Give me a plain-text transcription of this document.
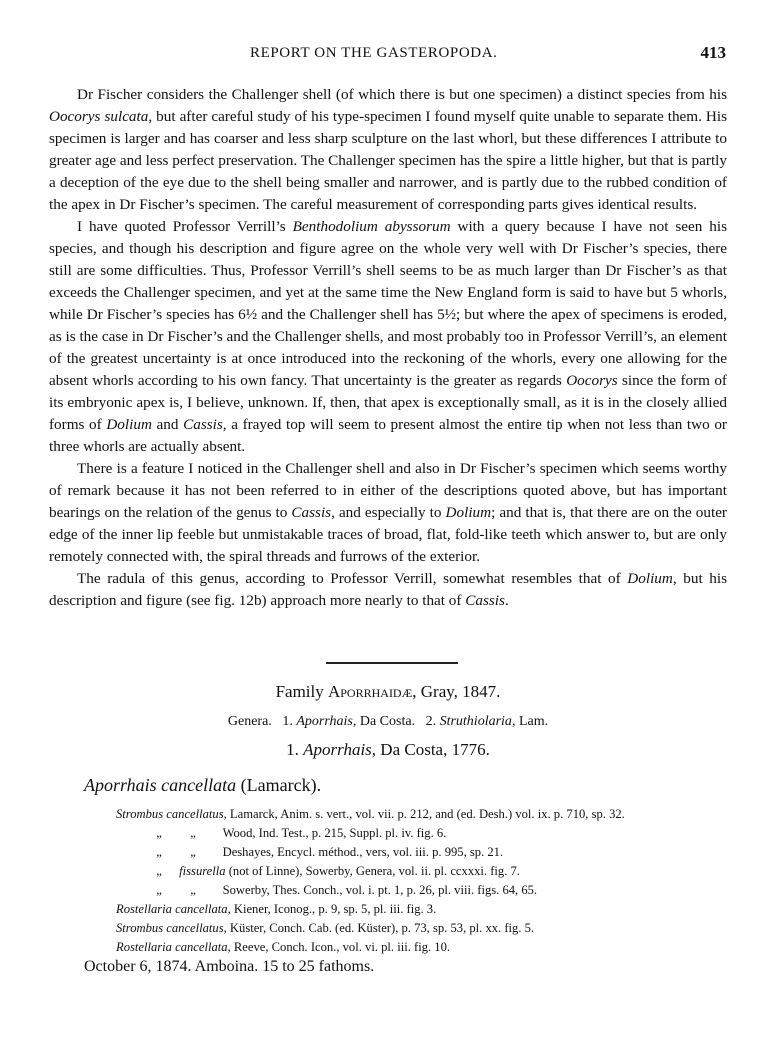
REPORT ON THE GASTEROPODA.	413

Dr Fischer considers the Challenger shell (of which there is but one specimen) a distinct species from his Oocorys sulcata, but after careful study of his type-specimen I found myself quite unable to separate them. His specimen is larger and has coarser and less sharp sculpture on the last whorl, but these differences I attribute to greater age and less perfect preservation. The Challenger specimen has the spire a little higher, but that is partly a deception of the eye due to the shell being smaller and narrower, and is partly due to the rubbed condition of the apex in Dr Fischer’s specimen. The careful measurement of corresponding parts gives identical results.

I have quoted Professor Verrill’s Benthodolium abyssorum with a query because I have not seen his species, and though his description and figure agree on the whole very well with Dr Fischer’s species, there still are some difficulties. Thus, Professor Verrill’s shell seems to be as much larger than Dr Fischer’s as that exceeds the Challenger specimen, and yet at the same time the New England form is said to have but 5 whorls, while Dr Fischer’s species has 6½ and the Challenger shell has 5½; but where the apex of specimens is eroded, as is the case in Dr Fischer’s and the Challenger shells, and most probably too in Professor Verrill’s, an element of the greatest uncertainty is at once introduced into the reckoning of the whorls, every one allowing for the absent whorls according to his own fancy. That uncertainty is the greater as regards Oocorys since the form of its embryonic apex is, I believe, unknown. If, then, that apex is exceptionally small, as it is in the closely allied forms of Dolium and Cassis, a frayed top will seem to present almost the entire tip when not less than two or three whorls are actually absent.

There is a feature I noticed in the Challenger shell and also in Dr Fischer’s specimen which seems worthy of remark because it has not been referred to in either of the descriptions quoted above, but has important bearings on the relation of the genus to Cassis, and especially to Dolium; and that is, that there are on the outer edge of the inner lip feeble but unmistakable traces of broad, flat, fold-like teeth which answer to, but are only remotely connected with, the spiral threads and furrows of the exterior.

The radula of this genus, according to Professor Verrill, somewhat resembles that of Dolium, but his description and figure (see fig. 12b) approach more nearly to that of Cassis.

Family Aporrhaidæ, Gray, 1847.
Genera. 1. Aporrhais, Da Costa. 2. Struthiolaria, Lam.
1. Aporrhais, Da Costa, 1776.
Aporrhais cancellata (Lamarck).
Strombus cancellatus, Lamarck, Anim. s. vert., vol. vii. p. 212, and (ed. Desh.) vol. ix. p. 710, sp. 32.
„ „  Wood, Ind. Test., p. 215, Suppl. pl. iv. fig. 6.
„ „  Deshayes, Encycl. méthod., vers, vol. iii. p. 995, sp. 21.
„ fissurella (not of Linne), Sowerby, Genera, vol. ii. pl. ccxxxi. fig. 7.
„ „  Sowerby, Thes. Conch., vol. i. pt. 1, p. 26, pl. viii. figs. 64, 65.
Rostellaria cancellata, Kiener, Iconog., p. 9, sp. 5, pl. iii. fig. 3.
Strombus cancellatus, Küster, Conch. Cab. (ed. Küster), p. 73, sp. 53, pl. xx. fig. 5.
Rostellaria cancellata, Reeve, Conch. Icon., vol. vi. pl. iii. fig. 10.
October 6, 1874. Amboina. 15 to 25 fathoms.
